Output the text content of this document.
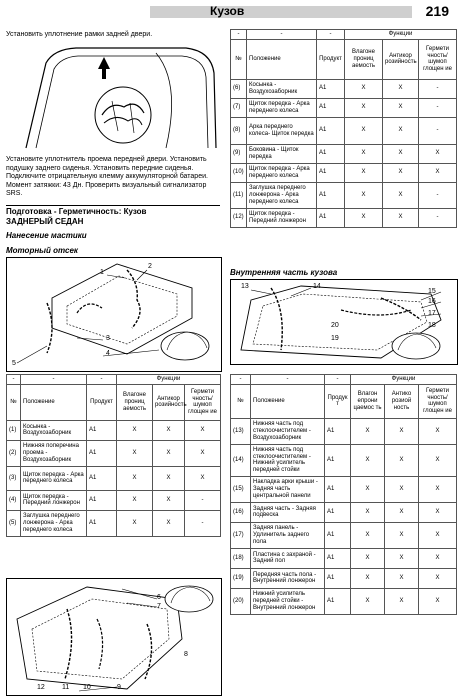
Кузов	219
Установить уплотнение рамки задней двери.
Установите уплотнитель проема передней двери. Установить подушку заднего сиденья. Установить передние сиденья. Подключите отрицательную клемму аккумуляторной батареи. Момент затяжки: 43 Дн. Проверить визуальный сигнализатор SRS.
Подготовка - Герметичность: Кузов
ЗАДНЕРЫЙ СЕДАН
Нанесение мастики
Моторный отсек
1
2
3
4
5
-	-	-	Функции		
№	Положение	Продукт	Влагоне прониц аемость	Антикор розийность	Гермети чность/ шумоп глощен ие
(1)	Косынка - Воздухозаборник	A1	X	X	X
(2)	Нижняя поперечина проема - Воздухозаборник	A1	X	X	X
(3)	Щиток передка - Арка переднего колеса	A1	X	X	X
(4)	Щиток передка - Передний лонжерон	A1	X	X	-
(5)	Заглушка переднего лонжерона - Арка переднего колеса	A1	X	X	-
6
7
8
9
10
11
12
-	-	-	Функции		
№	Положение	Продукт	Влагоне прониц аемость	Антикор розийность	Гермети чность/ шумоп глощен ие
(6)	Косынка - Воздухозаборник	A1	X	X	-
(7)	Щиток передка - Арка переднего колеса	A1	X	X	-
(8)	Арка переднего колеса- Щиток передка	A1	X	X	-
(9)	Боковина - Щиток передка	A1	X	X	X
(10)	Щиток передка - Арка переднего колеса	A1	X	X	X
(11)	Заглушка переднего лонжерона - Арка переднего колеса	A1	X	X	-
(12)	Щиток передка - Передний лонжерон	A1	X	X	-
Внутренняя часть кузова
13	14
15
16
17
18
20
19
-	-	-	Функции		
№	Положение	Продук т	Влагон епрони цаемос ть	Антико розиой ность	Гермети чность/ шумоп глощен ие
(13)	Нижняя часть под стеклоочистителем - Воздухозаборник	A1	X	X	X
(14)	Нижняя часть под стеклоочистителем - Нижний усилитель передней стойки	A1	X	X	X
(15)	Накладка арки крыши - Задняя часть центральной панели	A1	X	X	X
(16)	Задняя часть - Задняя подвеска	A1	X	X	X
(17)	Задняя панель - Удлинитель заднего пола	A1	X	X	X
(18)	Пластина с захраной - Задний пол	A1	X	X	X
(19)	Передняя часть пола - Внутренний лонжерон	A1	X	X	X
(20)	Нижний усилитель передней стойки - Внутренний лонжерон	A1	X	X	X
